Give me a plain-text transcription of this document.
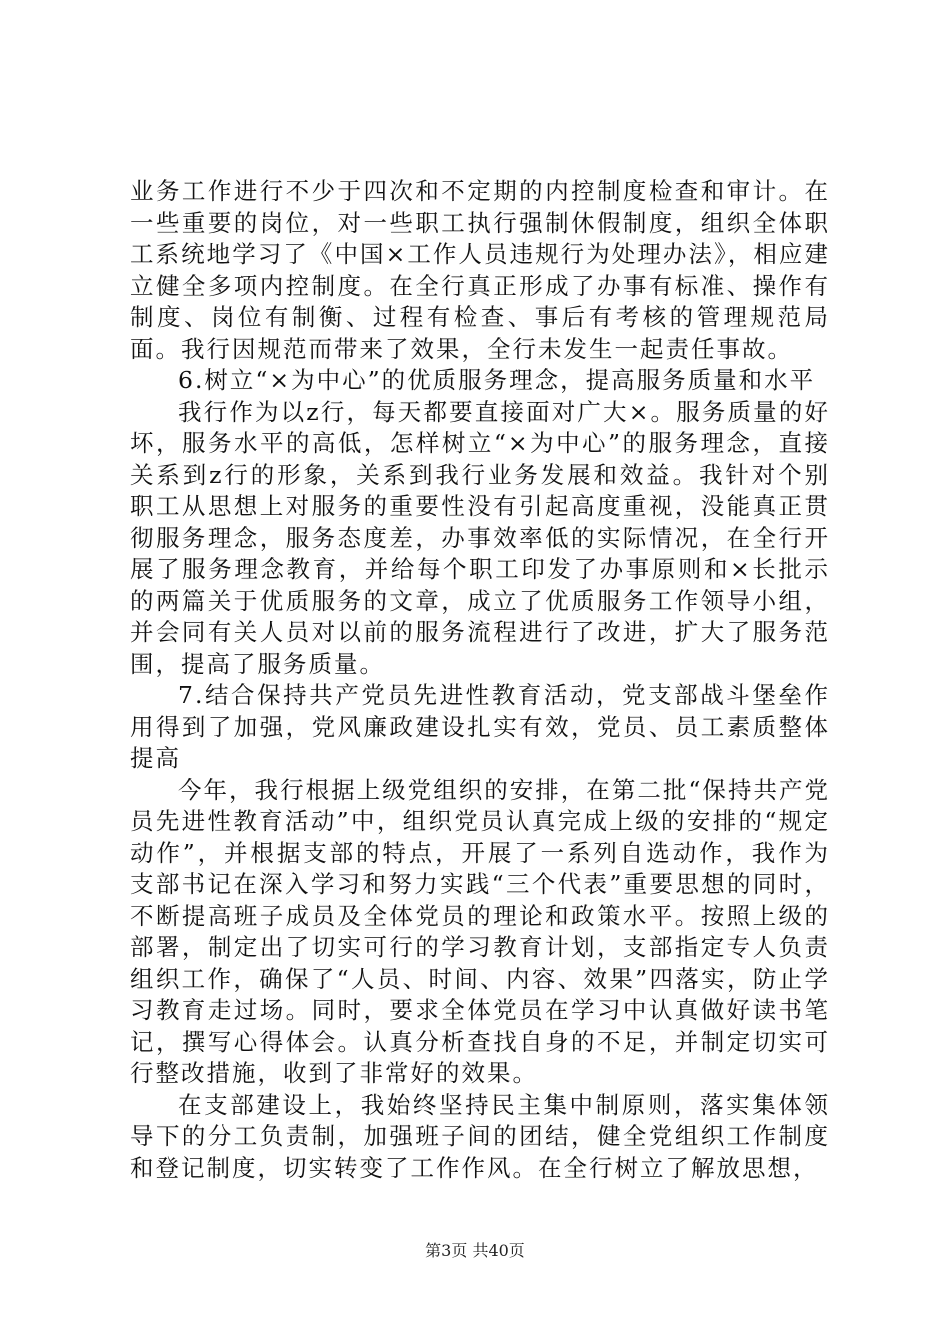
业务工作进行不少于四次和不定期的内控制度检查和审计。在一些重要的岗位，对一些职工执行强制休假制度，组织全体职工系统地学习了《中国×工作人员违规行为处理办法》，相应建立健全多项内控制度。在全行真正形成了办事有标准、操作有制度、岗位有制衡、过程有检查、事后有考核的管理规范局面。我行因规范而带来了效果，全行未发生一起责任事故。

6.树立“×为中心”的优质服务理念，提高服务质量和水平

我行作为以z行，每天都要直接面对广大×。服务质量的好坏，服务水平的高低，怎样树立“×为中心”的服务理念，直接关系到z行的形象，关系到我行业务发展和效益。我针对个别职工从思想上对服务的重要性没有引起高度重视，没能真正贯彻服务理念，服务态度差，办事效率低的实际情况，在全行开展了服务理念教育，并给每个职工印发了办事原则和×长批示的两篇关于优质服务的文章，成立了优质服务工作领导小组，并会同有关人员对以前的服务流程进行了改进，扩大了服务范围，提高了服务质量。

7.结合保持共产党员先进性教育活动，党支部战斗堡垒作用得到了加强，党风廉政建设扎实有效，党员、员工素质整体提高

今年，我行根据上级党组织的安排，在第二批“保持共产党员先进性教育活动”中，组织党员认真完成上级的安排的“规定动作”，并根据支部的特点，开展了一系列自选动作，我作为支部书记在深入学习和努力实践“三个代表”重要思想的同时，不断提高班子成员及全体党员的理论和政策水平。按照上级的部署，制定出了切实可行的学习教育计划，支部指定专人负责组织工作，确保了“人员、时间、内容、效果”四落实，防止学习教育走过场。同时，要求全体党员在学习中认真做好读书笔记，撰写心得体会。认真分析查找自身的不足，并制定切实可行整改措施，收到了非常好的效果。

在支部建设上，我始终坚持民主集中制原则，落实集体领导下的分工负责制，加强班子间的团结，健全党组织工作制度和登记制度，切实转变了工作作风。在全行树立了解放思想，

第3页 共40页
